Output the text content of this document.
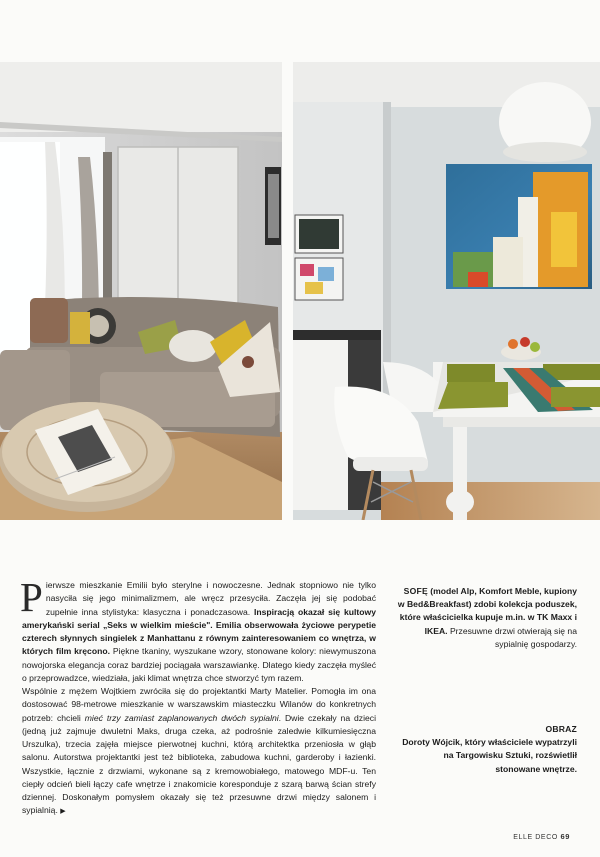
Pierwsze mieszkanie Emilii było sterylne i nowoczesne. Jednak stopniowo nie tylko nasyciła się jego minimalizmem, ale wręcz przesyciła. Zaczęła jej się podobać zupełnie inna stylistyka: klasyczna i ponadczasowa. Inspiracją okazał się kultowy amerykański serial „Seks w wielkim mieście". Emilia obserwowała życiowe perypetie czterech słynnych singielek z Manhattanu z równym zainteresowaniem co wnętrza, w których film kręcono. Piękne tkaniny, wyszukane wzory, stonowane kolory: niewymuszona nowojorska elegancja coraz bardziej pociągała warszawiankę. Dlatego kiedy zaczęła myśleć o przeprowadzce, wiedziała, jaki klimat wnętrza chce stworzyć tym razem.

Wspólnie z mężem Wojtkiem zwróciła się do projektantki Marty Matelier. Pomogła im ona dostosować 98-metrowe mieszkanie w warszawskim miasteczku Wilanów do konkretnych potrzeb: chcieli mieć trzy zamiast zaplanowanych dwóch sypialni. Dwie czekały na dzieci (jedną już zajmuje dwuletni Maks, druga czeka, aż podrośnie zaledwie kilkumiesięczna Urszulka), trzecia zajęła miejsce pierwotnej kuchni, którą architektka przeniosła w głąb salonu. Autorstwa projektantki jest też biblioteka, zabudowa kuchni, garderoby i łazienki. Wszystkie, łącznie z drzwiami, wykonane są z kremowobiałego, matowego MDF-u. Ten ciepły odcień bieli łączy cafe wnętrze i znakomicie koresponduje z szarą barwą ścian strefy dziennej. Doskonałym pomysłem okazały się też przesuwne drzwi między salonem i sypialnią. ▶

SOFĘ (model Alp, Komfort Meble, kupiony w Bed&Breakfast) zdobi kolekcja poduszek, które właścicielka kupuje m.in. w TK Maxx i IKEA. Przesuwne drzwi otwierają się na sypialnię gospodarzy.

OBRAZ
Doroty Wójcik, który właściciele wypatrzyli na Targowisku Sztuki, rozświetlił stonowane wnętrze.

ELLE DECO 69
